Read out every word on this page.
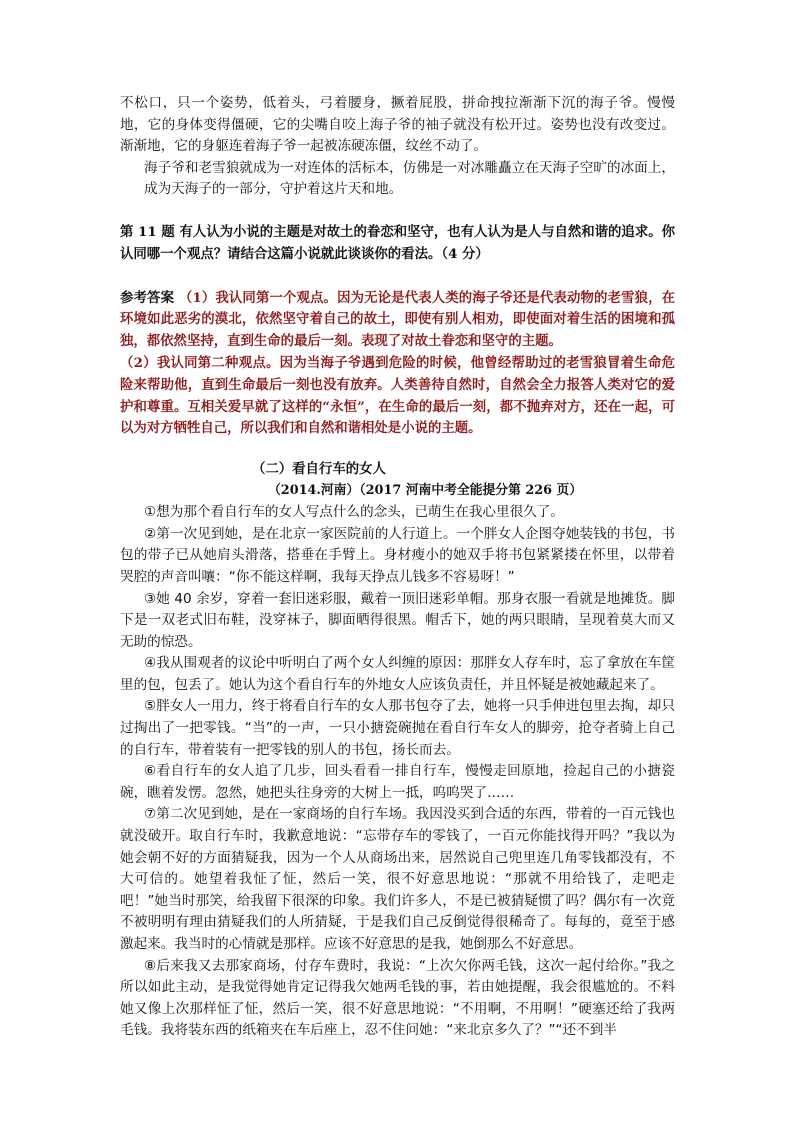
不松口，只一个姿势，低着头，弓着腰身，撅着屁股，拼命拽拉渐渐下沉的海子爷。慢慢地，它的身体变得僵硬，它的尖嘴自咬上海子爷的袖子就没有松开过。姿势也没有改变过。渐渐地，它的身躯连着海子爷一起被冻硬冻僵，纹丝不动了。

海子爷和老雪狼就成为一对连体的活标本，仿佛是一对冰雕矗立在天海子空旷的冰面上，成为天海子的一部分，守护着这片天和地。

第 11 题 有人认为小说的主题是对故土的眷恋和坚守，也有人认为是人与自然和谐的追求。你认同哪一个观点？请结合这篇小说就此谈谈你的看法。（4 分）

参考答案 （1）我认同第一个观点。因为无论是代表人类的海子爷还是代表动物的老雪狼，在环境如此恶劣的漠北，依然坚守着自己的故土，即使有别人相劝，即使面对着生活的困境和孤独，都依然坚持，直到生命的最后一刻。表现了对故土眷恋和坚守的主题。

（2）我认同第二种观点。因为当海子爷遇到危险的时候，他曾经帮助过的老雪狼冒着生命危险来帮助他，直到生命最后一刻也没有放弃。人类善待自然时，自然会全力报答人类对它的爱护和尊重。互相关爱早就了这样的“永恒”，在生命的最后一刻，都不抛弃对方，还在一起，可以为对方牺牲自己，所以我们和自然和谐相处是小说的主题。

（二）看自行车的女人

（2014.河南）（2017 河南中考全能提分第 226 页）

①想为那个看自行车的女人写点什么的念头，已萌生在我心里很久了。

②第一次见到她，是在北京一家医院前的人行道上。一个胖女人企图夺她装钱的书包，书包的带子已从她肩头滑落，搭垂在手臂上。身材瘦小的她双手将书包紧紧搂在怀里，以带着哭腔的声音叫嚷：“你不能这样啊，我每天挣点儿钱多不容易呀！”

③她 40 余岁，穿着一套旧迷彩服，戴着一顶旧迷彩单帽。那身衣服一看就是地摊货。脚下是一双老式旧布鞋，没穿袜子，脚面晒得很黑。帽舌下，她的两只眼睛，呈现着莫大而又无助的惊恐。

④我从围观者的议论中听明白了两个女人纠缠的原因：那胖女人存车时，忘了拿放在车筐里的包，包丢了。她认为这个看自行车的外地女人应该负责任，并且怀疑是被她藏起来了。

⑤胖女人一用力，终于将看自行车的女人那书包夺了去，她将一只手伸进包里去掏，却只过掏出了一把零钱。“当”的一声，一只小搪瓷碗抛在看自行车女人的脚旁，抢夺者骑上自己的自行车，带着装有一把零钱的别人的书包，扬长而去。

⑥看自行车的女人追了几步，回头看看一排自行车，慢慢走回原地，捡起自己的小搪瓷碗，瞧着发愣。忽然，她把头往身旁的大树上一抵，呜呜哭了……

⑦第二次见到她，是在一家商场的自行车场。我因没买到合适的东西，带着的一百元钱也就没破开。取自行车时，我歉意地说：“忘带存车的零钱了，一百元你能找得开吗？”我以为她会朝不好的方面猜疑我，因为一个人从商场出来，居然说自己兜里连几角零钱都没有，不大可信的。她望着我怔了怔，然后一笑，很不好意思地说：“那就不用给钱了，走吧走吧！”她当时那笑，给我留下很深的印象。我们许多人，不是已被猜疑惯了吗？偶尔有一次竟不被明明有理由猜疑我们的人所猜疑，于是我们自己反倒觉得很稀奇了。每每的，竟至于感激起来。我当时的心情就是那样。应该不好意思的是我，她倒那么不好意思。

⑧后来我又去那家商场，付存车费时，我说：“上次欠你两毛钱，这次一起付给你。”我之所以如此主动，是我觉得她肯定记得我欠她两毛钱的事，若由她提醒，我会很尴尬的。不料她又像上次那样怔了怔，然后一笑，很不好意思地说：“不用啊，不用啊！”硬塞还给了我两毛钱。我将装东西的纸箱夹在车后座上，忍不住问她：“来北京多久了？”“还不到半
